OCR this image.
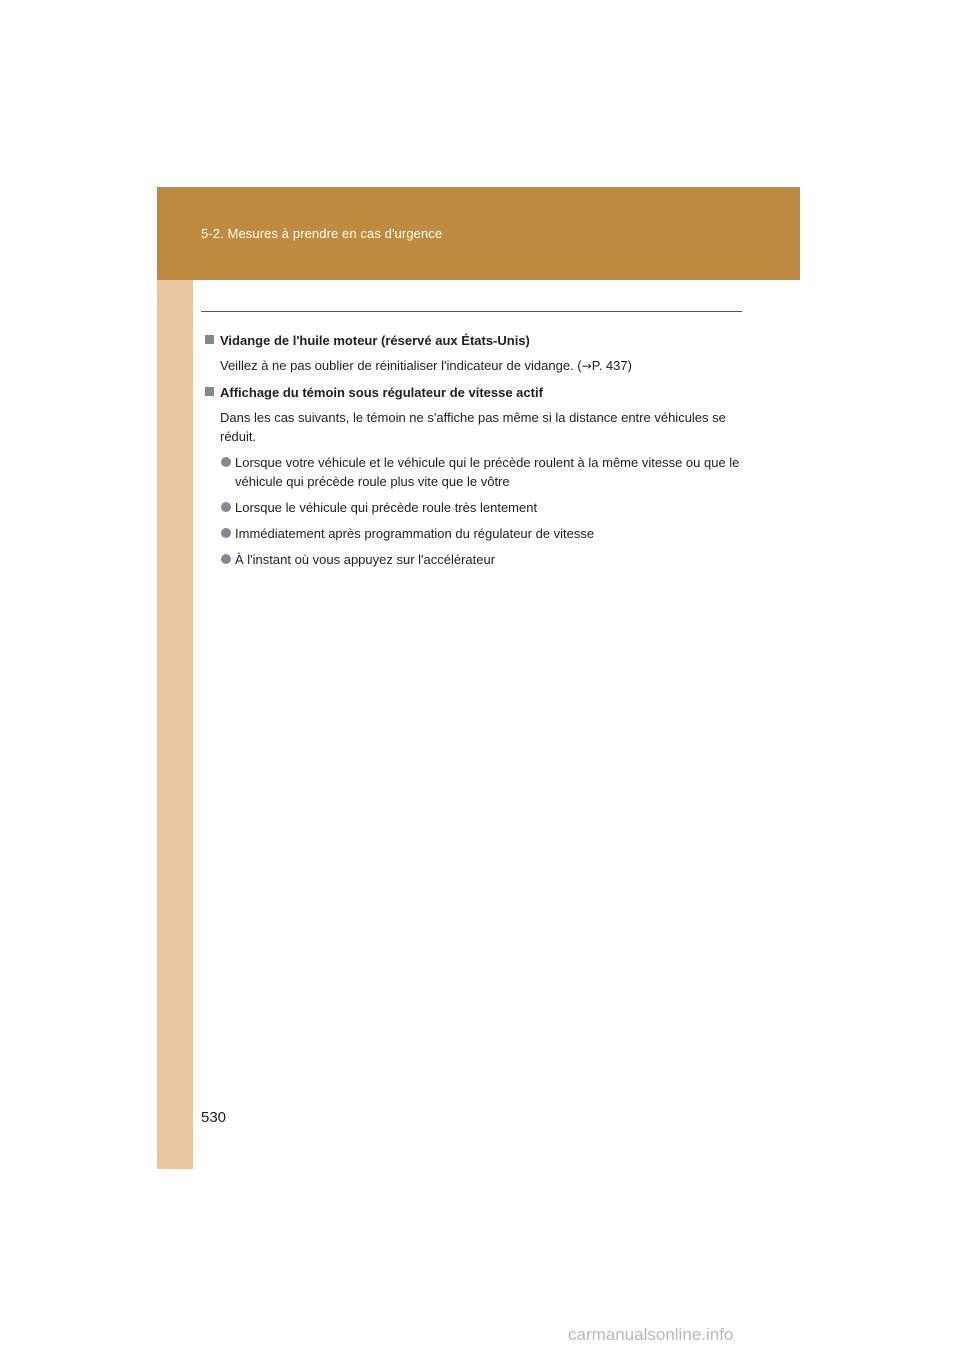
5-2. Mesures à prendre en cas d'urgence
Vidange de l'huile moteur (réservé aux États-Unis)
Veillez à ne pas oublier de réinitialiser l'indicateur de vidange. (→P. 437)
Affichage du témoin sous régulateur de vitesse actif
Dans les cas suivants, le témoin ne s'affiche pas même si la distance entre véhicules se réduit.
Lorsque votre véhicule et le véhicule qui le précède roulent à la même vitesse ou que le véhicule qui précède roule plus vite que le vôtre
Lorsque le véhicule qui précède roule très lentement
Immédiatement après programmation du régulateur de vitesse
À l'instant où vous appuyez sur l'accélérateur
530
carmanualsonline.info
